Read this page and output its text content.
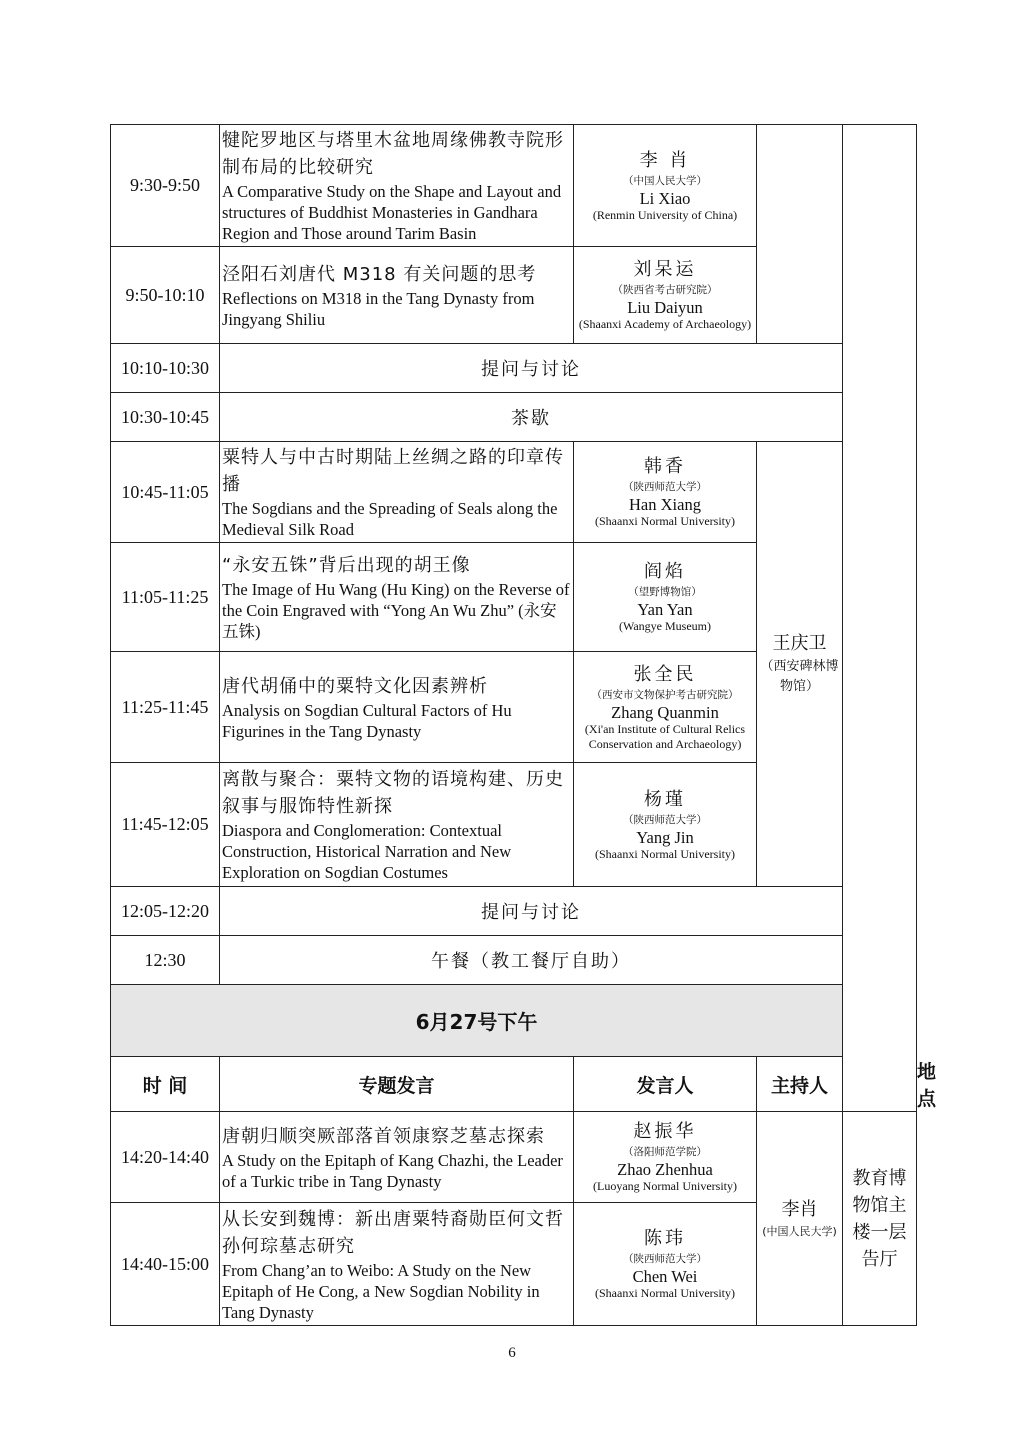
9:30-9:50	犍陀罗地区与塔里木盆地周缘佛教寺院形制布局的比较研究
A Comparative Study on the Shape and Layout and structures of Buddhist Monasteries in Gandhara Region and Those around Tarim Basin	李 肖
（中国人民大学）
Li Xiao
(Renmin University of China)			

9:50-10:10	泾阳石刘唐代 M318 有关问题的思考
Reflections on M318 in the Tang Dynasty from Jingyang Shiliu	刘呆运
（陕西省考古研究院）
Liu Daiyun
(Shaanxi Academy of Archaeology)			

10:10-10:30	提问与讨论				
10:30-10:45	茶歇				
10:45-11:05	粟特人与中古时期陆上丝绸之路的印章传播
The Sogdians and the Spreading of Seals along the Medieval Silk Road	韩香
（陕西师范大学）
Han Xiang
(Shaanxi Normal University)	王庆卫
（西安碑林博物馆）		

11:05-11:25	“永安五铢”背后出现的胡王像
The Image of Hu Wang (Hu King) on the Reverse of the Coin Engraved with “Yong An Wu Zhu” (永安五铢)	阎焰
（望野博物馆）
Yan Yan
(Wangye Museum)			

11:25-11:45	唐代胡俑中的粟特文化因素辨析
Analysis on Sogdian Cultural Factors of Hu Figurines in the Tang Dynasty	张全民
（西安市文物保护考古研究院）
Zhang Quanmin
(Xi'an Institute of Cultural Relics Conservation and Archaeology)			

11:45-12:05	离散与聚合：粟特文物的语境构建、历史叙事与服饰特性新探
Diaspora and Conglomeration: Contextual Construction, Historical Narration and New Exploration on Sogdian Costumes	杨瑾
（陕西师范大学）
Yang Jin
(Shaanxi Normal University)			

12:05-12:20	提问与讨论				
12:30	午餐（教工餐厅自助）				
6月27号下午					
时 间	专题发言	发言人	主持人		地点
14:20-14:40	唐朝归顺突厥部落首领康察芝墓志探索
A Study on the Epitaph of Kang Chazhi, the Leader of a Turkic tribe in Tang Dynasty	赵振华
（洛阳师范学院）
Zhao Zhenhua
(Luoyang Normal University)	李肖
(中国人民大学)	教育博物馆主楼一层告厅	
14:40-15:00	从长安到魏博：新出唐粟特裔勋臣何文哲孙何琮墓志研究
From Chang’an to Weibo: A Study on the New Epitaph of He Cong, a New Sogdian Nobility in Tang Dynasty	陈玮
（陕西师范大学）
Chen Wei
(Shaanxi Normal University)			
6
